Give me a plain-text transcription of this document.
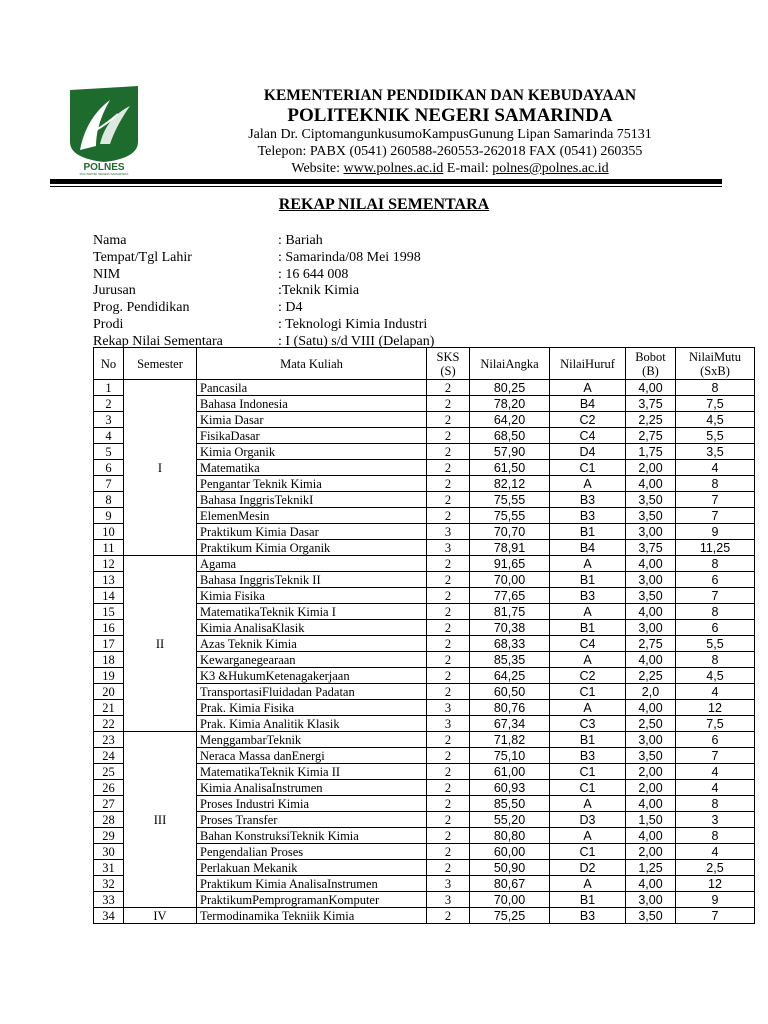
POLNES
POLITEKNIK NEGERI SAMARINDA
KEMENTERIAN PENDIDIKAN DAN KEBUDAYAAN
POLITEKNIK NEGERI SAMARINDA
Jalan Dr. CiptomangunkusumoKampusGunung Lipan Samarinda 75131
Telepon: PABX (0541) 260588-260553-262018 FAX (0541) 260355
Website: www.polnes.ac.id E-mail: polnes@polnes.ac.id
REKAP NILAI SEMENTARA
Nama	: Bariah
Tempat/Tgl Lahir	: Samarinda/08 Mei 1998
NIM	: 16 644 008
Jurusan	:Teknik Kimia
Prog. Pendidikan	: D4
Prodi	: Teknologi Kimia Industri
Rekap Nilai Sementara	: I (Satu) s/d VIII (Delapan)
No	Semester	Mata Kuliah	SKS (S)	NilaiAngka	NilaiHuruf	Bobot (B)	NilaiMutu (SxB)
1	I	Pancasila	2	80,25	A	4,00	8
2		Bahasa Indonesia	2	78,20	B4	3,75	7,5
3		Kimia Dasar	2	64,20	C2	2,25	4,5
4		FisikaDasar	2	68,50	C4	2,75	5,5
5		Kimia Organik	2	57,90	D4	1,75	3,5
6		Matematika	2	61,50	C1	2,00	4
7		Pengantar Teknik Kimia	2	82,12	A	4,00	8
8		Bahasa InggrisTeknikI	2	75,55	B3	3,50	7
9		ElemenMesin	2	75,55	B3	3,50	7
10		Praktikum Kimia Dasar	3	70,70	B1	3,00	9
11		Praktikum Kimia Organik	3	78,91	B4	3,75	11,25
12	II	Agama	2	91,65	A	4,00	8
13		Bahasa InggrisTeknik II	2	70,00	B1	3,00	6
14		Kimia Fisika	2	77,65	B3	3,50	7
15		MatematikaTeknik Kimia I	2	81,75	A	4,00	8
16		Kimia AnalisaKlasik	2	70,38	B1	3,00	6
17		Azas Teknik Kimia	2	68,33	C4	2,75	5,5
18		Kewarganegearaan	2	85,35	A	4,00	8
19		K3 &HukumKetenagakerjaan	2	64,25	C2	2,25	4,5
20		TransportasiFluidadan Padatan	2	60,50	C1	2,0	4
21		Prak. Kimia Fisika	3	80,76	A	4,00	12
22		Prak. Kimia Analitik Klasik	3	67,34	C3	2,50	7,5
23	III	MenggambarTeknik	2	71,82	B1	3,00	6
24		Neraca Massa danEnergi	2	75,10	B3	3,50	7
25		MatematikaTeknik Kimia II	2	61,00	C1	2,00	4
26		Kimia AnalisaInstrumen	2	60,93	C1	2,00	4
27		Proses Industri Kimia	2	85,50	A	4,00	8
28		Proses Transfer	2	55,20	D3	1,50	3
29		Bahan KonstruksiTeknik Kimia	2	80,80	A	4,00	8
30		Pengendalian Proses	2	60,00	C1	2,00	4
31		Perlakuan Mekanik	2	50,90	D2	1,25	2,5
32		Praktikum Kimia AnalisaInstrumen	3	80,67	A	4,00	12
33		PraktikumPemprogramanKomputer	3	70,00	B1	3,00	9
34	IV	Termodinamika Tekniik Kimia	2	75,25	B3	3,50	7
